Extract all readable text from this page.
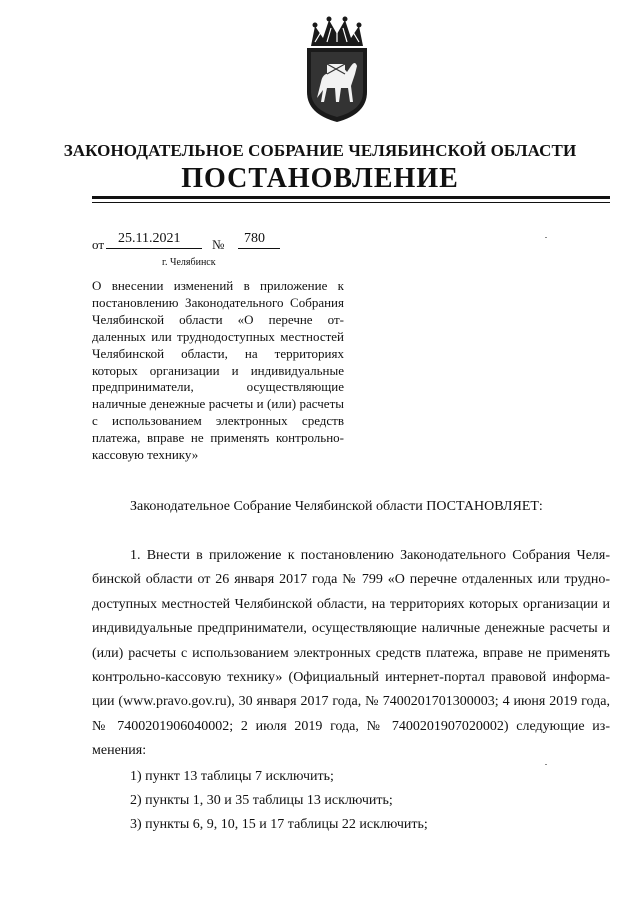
ЗАКОНОДАТЕЛЬНОЕ СОБРАНИЕ ЧЕЛЯБИНСКОЙ ОБЛАСТИ
ПОСТАНОВЛЕНИЕ
от 25.11.2021 № 780
г. Челябинск
О внесении изменений в приложение к постановлению Законодательного Собрания Челябинской области «О перечне отдаленных или труднодоступных местностей Челябинской области, на территориях которых организации и индивидуальные предприниматели, осуществляющие наличные денежные расчеты и (или) расчеты с использованием электронных средств платежа, вправе не применять контрольно-кассовую технику»
Законодательное Собрание Челябинской области ПОСТАНОВЛЯЕТ:
1. Внести в приложение к постановлению Законодательного Собрания Челябинской области от 26 января 2017 года № 799 «О перечне отдаленных или труднодоступных местностей Челябинской области, на территориях которых организации и индивидуальные предприниматели, осуществляющие наличные денежные расчеты и (или) расчеты с использованием электронных средств платежа, вправе не применять контрольно-кассовую технику» (Официальный интернет-портал правовой информации (www.pravo.gov.ru), 30 января 2017 года, № 7400201701300003; 4 июня 2019 года, № 7400201906040002; 2 июля 2019 года, № 7400201907020002) следующие изменения:
1) пункт 13 таблицы 7 исключить;
2) пункты 1, 30 и 35 таблицы 13 исключить;
3) пункты 6, 9, 10, 15 и 17 таблицы 22 исключить;
